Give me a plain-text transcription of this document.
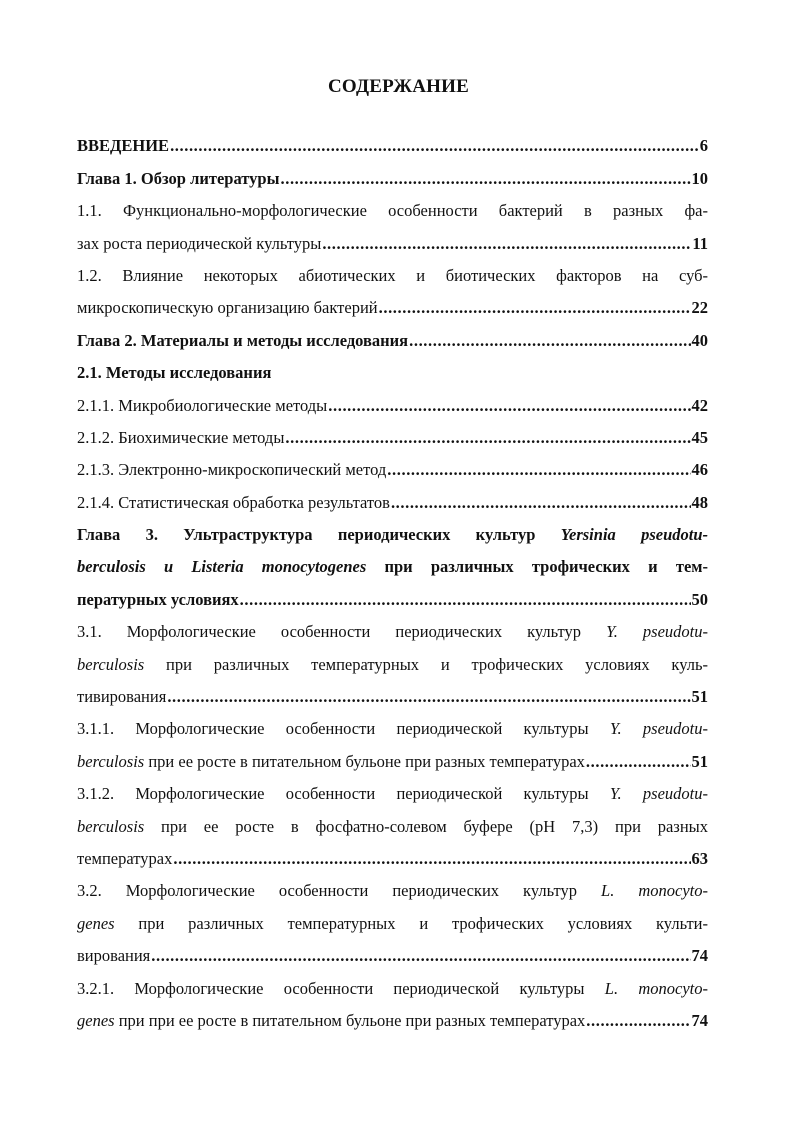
СОДЕРЖАНИЕ
ВВЕДЕНИЕ .....	6
Глава 1. Обзор литературы .....	10
1.1. Функционально-морфологические особенности бактерий в разных фа-
зах роста периодической культуры .....	11
1.2. Влияние некоторых абиотических и биотических факторов на суб-
микроскопическую организацию бактерий .....	22
Глава 2. Материалы и методы исследования .....	40
2.1. Методы исследования
2.1.1. Микробиологические методы .....	42
2.1.2. Биохимические методы .....	45
2.1.3. Электронно-микроскопический метод .....	46
2.1.4. Статистическая обработка результатов .....	48
Глава 3. Ультраструктура периодических культур Yersinia pseudotu-
berculosis u Listeria monocytogenes при различных трофических и тем-
пературных условиях .....	50
3.1. Морфологические особенности периодических культур Y. pseudotu-
berculosis при различных температурных и трофических условиях куль-
тивирования .....	51
3.1.1. Морфологические особенности периодической культуры Y. pseudotu-
berculosis при ее росте в питательном бульоне при разных температурах .....	51
3.1.2. Морфологические особенности периодической культуры Y. pseudotu-
berculosis при ее росте в фосфатно-солевом буфере (pH 7,3) при разных
температурах .....	63
3.2. Морфологические особенности периодических культур L. monocyto-
genes при различных температурных и трофических условиях культи-
вирования .....	74
3.2.1. Морфологические особенности периодической культуры L. monocyto-
genes при при ее росте в питательном бульоне при разных температурах .....	74
